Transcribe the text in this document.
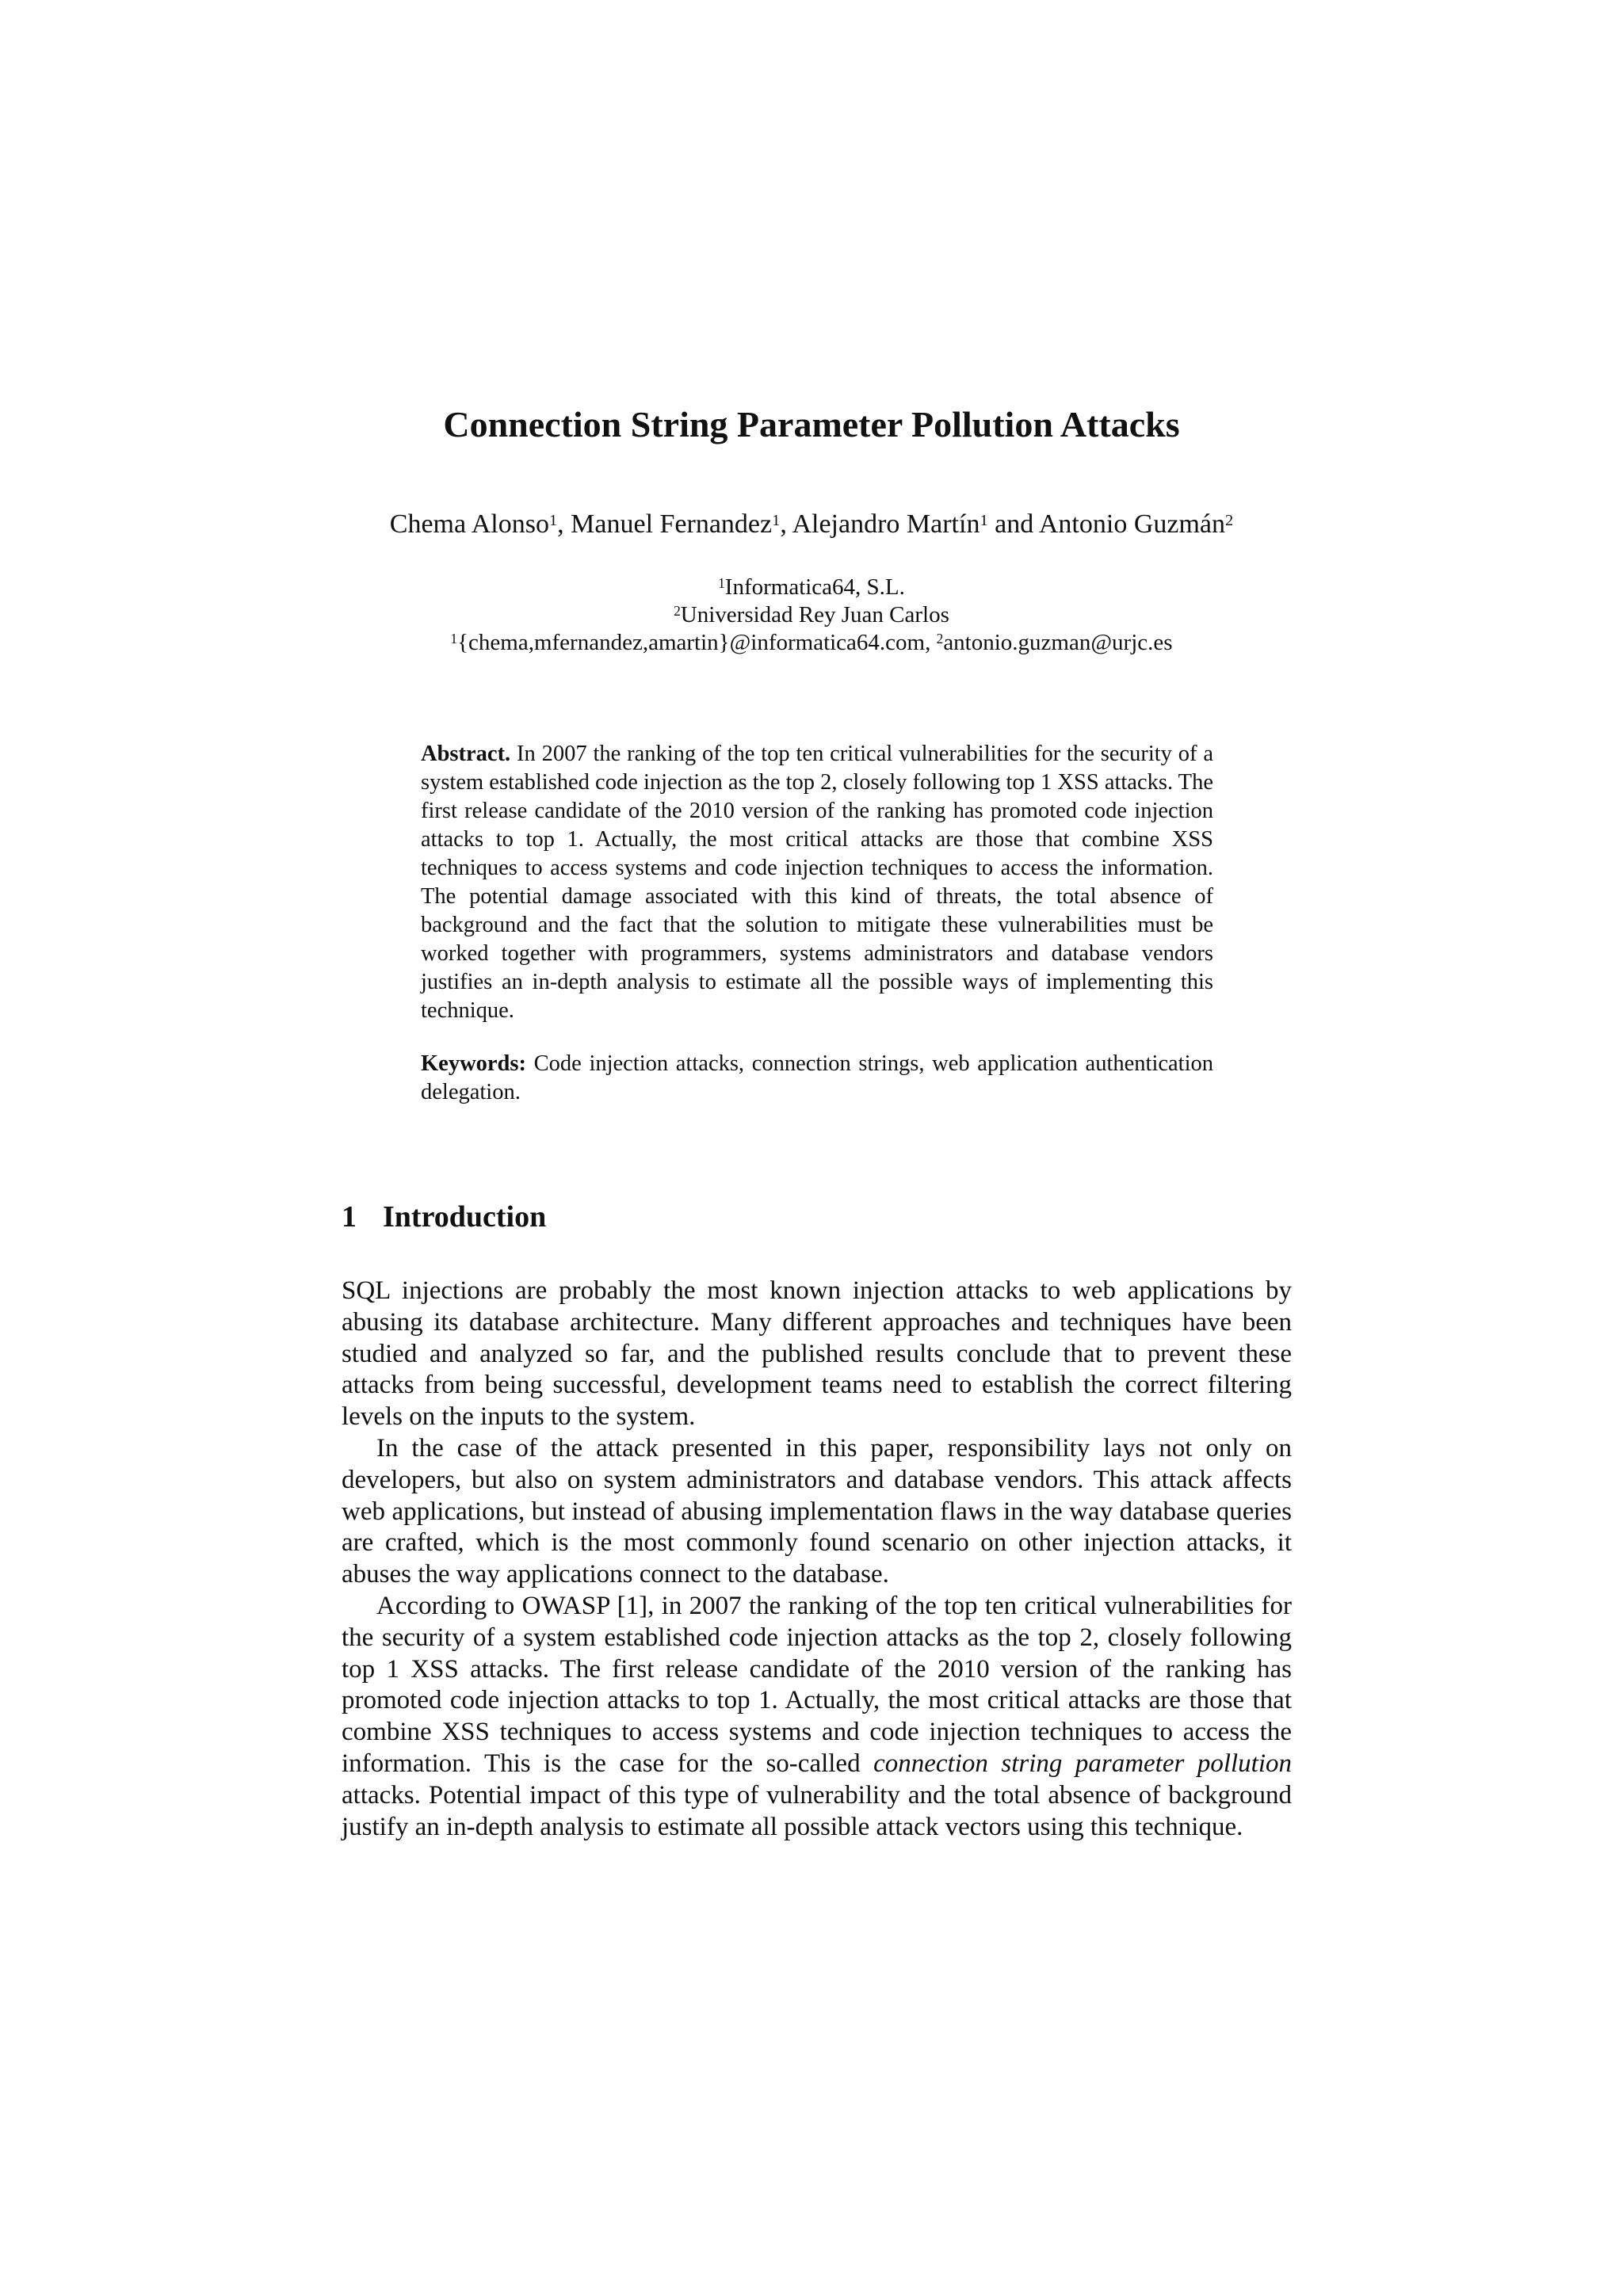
Connection String Parameter Pollution Attacks
Chema Alonso$^1$, Manuel Fernandez$^1$, Alejandro Martín$^1$ and Antonio Guzmán$^2$
$^1$Informatica64, S.L.
$^2$Universidad Rey Juan Carlos
$^1${chema,mfernandez,amartin}@informatica64.com, $^2$antonio.guzman@urjc.es
Abstract. In 2007 the ranking of the top ten critical vulnerabilities for the security of a system established code injection as the top 2, closely following top 1 XSS attacks. The first release candidate of the 2010 version of the ranking has promoted code injection attacks to top 1. Actually, the most critical attacks are those that combine XSS techniques to access systems and code injection techniques to access the information. The potential damage associated with this kind of threats, the total absence of background and the fact that the solution to mitigate these vulnerabilities must be worked together with programmers, systems administrators and database vendors justifies an in-depth analysis to estimate all the possible ways of implementing this technique.
Keywords: Code injection attacks, connection strings, web application authentication delegation.
1 Introduction

SQL injections are probably the most known injection attacks to web applications by abusing its database architecture. Many different approaches and techniques have been studied and analyzed so far, and the published results conclude that to prevent these attacks from being successful, development teams need to establish the correct filtering levels on the inputs to the system.

In the case of the attack presented in this paper, responsibility lays not only on developers, but also on system administrators and database vendors. This attack affects web applications, but instead of abusing implementation flaws in the way database queries are crafted, which is the most commonly found scenario on other injection attacks, it abuses the way applications connect to the database.

According to OWASP [1], in 2007 the ranking of the top ten critical vulnerabilities for the security of a system established code injection attacks as the top 2, closely following top 1 XSS attacks. The first release candidate of the 2010 version of the ranking has promoted code injection attacks to top 1. Actually, the most critical attacks are those that combine XSS techniques to access systems and code injection techniques to access the information. This is the case for the so-called connection string parameter pollution attacks. Potential impact of this type of vulnerability and the total absence of background justify an in-depth analysis to estimate all possible attack vectors using this technique.
